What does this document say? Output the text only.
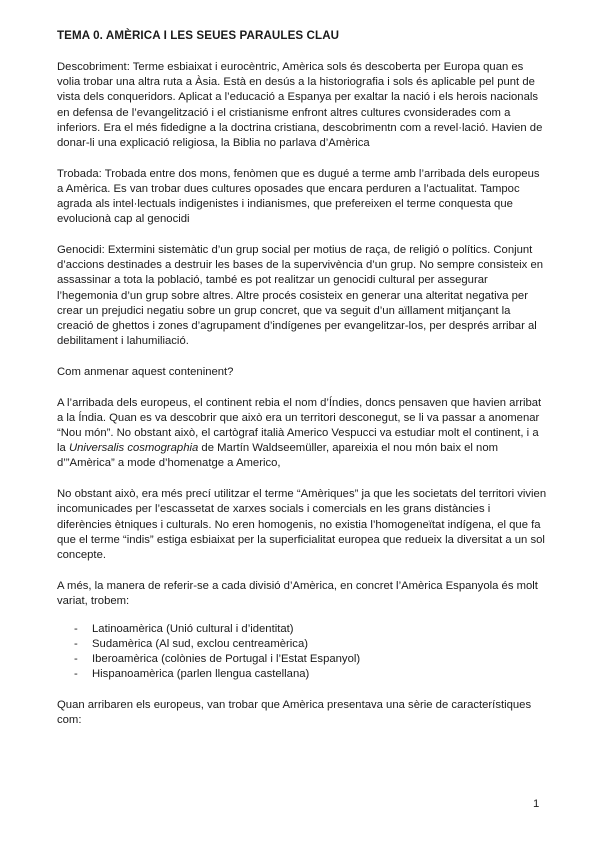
TEMA 0. AMÈRICA I LES SEUES PARAULES CLAU

Descobriment: Terme esbiaixat i eurocèntric, Amèrica sols és descoberta per Europa quan es volia trobar una altra ruta a Àsia. Està en desús a la historiografia i sols és aplicable pel punt de vista dels conqueridors. Aplicat a l’educació a Espanya per exaltar la nació i els herois nacionals en defensa de l’evangelització i el cristianisme enfront altres cultures cvonsiderades com a inferiors. Era el més fidedigne a la doctrina cristiana, descobrimentn com a revel·lació. Havien de donar-li una explicació religiosa, la Biblia no parlava d’Amèrica

Trobada: Trobada entre dos mons, fenòmen que es dugué a terme amb l’arribada dels europeus a Amèrica. Es van trobar dues cultures oposades que encara perduren a l’actualitat. Tampoc agrada als intel·lectuals indigenistes i indianismes, que prefereixen el terme conquesta que evolucionà cap al genocidi

Genocidi: Extermini sistemàtic d’un grup social per motius de raça, de religió o polítics. Conjunt d’accions destinades a destruir les bases de la supervivència d’un grup. No sempre consisteix en assassinar a tota la població, també es pot realitzar un genocidi cultural per assegurar l’hegemonia d’un grup sobre altres. Altre procés cosisteix en generar una alteritat negativa per crear un prejudici negatiu sobre un grup concret, que va seguit d’un aïllament mitjançant la creació de ghettos i zones d’agrupament d’indígenes per evangelitzar-los, per després arribar al debilitament i lahumiliació.

Com anmenar aquest conteninent?

A l’arribada dels europeus, el continent rebia el nom d’Índies, doncs pensaven que havien arribat a la Índia. Quan es va descobrir que això era un territori desconegut, se li va passar a anomenar “Nou món”. No obstant això, el cartògraf italià Americo Vespucci va estudiar molt el continent, i a la Universalis cosmographia de Martín Waldseemüller, apareixia el nou món baix el nom d’”Amèrica” a mode d’homenatge a Americo,

No obstant això, era més precí utilitzar el terme “Amèriques” ja que les societats del territori vivien incomunicades per l’escassetat de xarxes socials i comercials en les grans distàncies i diferències ètniques i culturals. No eren homogenis, no existia l’homogeneïtat indígena, el que fa que el terme “indis” estiga esbiaixat per la superficialitat europea que redueix la diversitat a un sol concepte.

A més, la manera de referir-se a cada divisió d’Amèrica, en concret l’Amèrica Espanyola és molt variat, trobem:

- Latinoamèrica (Unió cultural i d’identitat)
- Sudamèrica (Al sud, exclou centreamèrica)
- Iberoamèrica (colònies de Portugal i l’Estat Espanyol)
- Hispanoamèrica (parlen llengua castellana)

Quan arribaren els europeus, van trobar que Amèrica presentava una sèrie de característiques com:

1
